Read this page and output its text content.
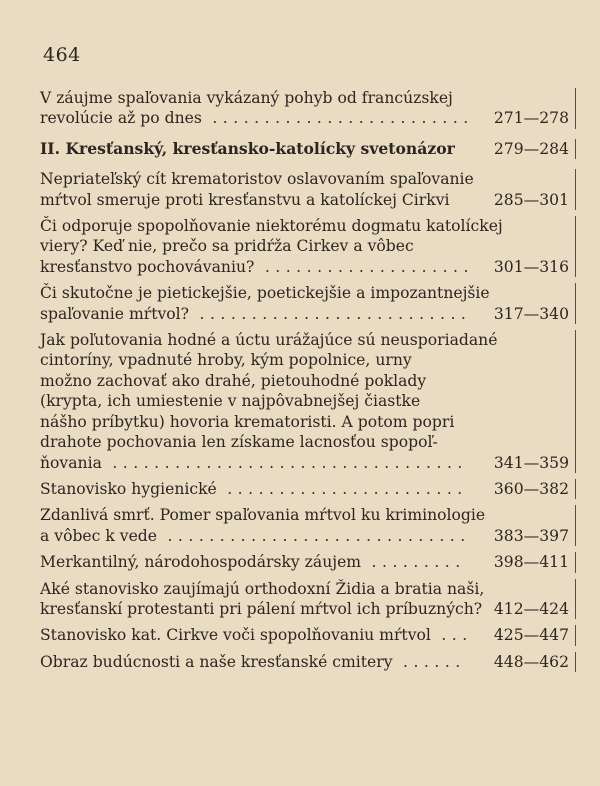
464
V záujme spaľovania vykázaný pohyb od francúzskej
revolúcie až po dnes .........................	271—278
II. Kresťanský, kresťansko-katolícky svetonázor	279—284
Nepriateľský cít krematoristov oslavovaním spaľovanie
mŕtvol smeruje proti kresťanstvu a katolíckej Cirkvi	285—301
Či odporuje spopolňovanie niektorému dogmatu katolíckej
viery? Keď nie, prečo sa pridŕža Cirkev a vôbec
kresťanstvo pochovávaniu? ....................	301—316
Či skutočne je pietickejšie, poetickejšie a impozantnejšie
spaľovanie mŕtvol? ..........................	317—340
Jak poľutovania hodné a úctu urážajúce sú neusporiadané
cintoríny, vpadnuté hroby, kým popolnice, urny
možno zachovať ako drahé, pietouhodné poklady
(krypta, ich umiestenie v najpôvabnejšej čiastke
nášho príbytku) hovoria krematoristi. A potom popri
drahote pochovania len získame lacnosťou spopoľ-
ňovania ..................................	341—359
Stanovisko hygienické .......................	360—382
Zdanlivá smrť. Pomer spaľovania mŕtvol ku kriminologie
a vôbec k vede .............................	383—397
Merkantilný, národohospodársky záujem .........	398—411
Aké stanovisko zaujímajú orthodoxní Židia a bratia naši,
kresťanskí protestanti pri pálení mŕtvol ich príbuzných? 412—424
Stanovisko kat. Cirkve voči spopolňovaniu mŕtvol ...	425—447
Obraz budúcnosti a naše kresťanské cmitery ......	448—462
